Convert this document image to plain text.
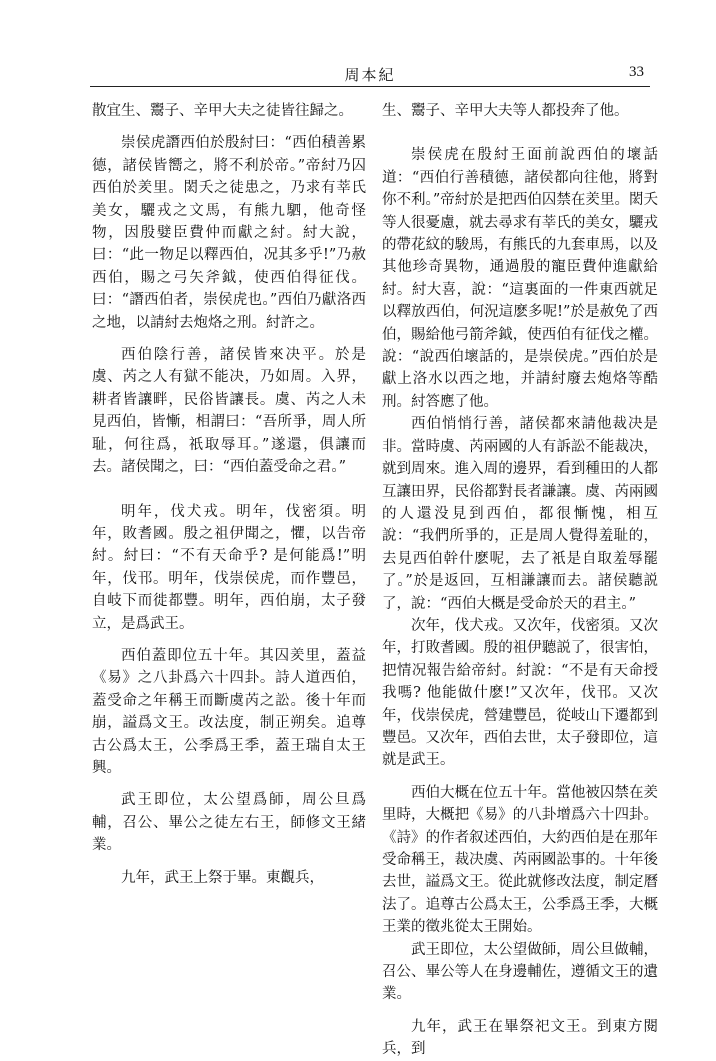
周本紀	33

散宜生、鬻子、辛甲大夫之徒皆往歸之。

崇侯虎譖西伯於殷紂曰：“西伯積善累德，諸侯皆嚮之，將不利於帝。”帝紂乃囚西伯於羑里。閎夭之徒患之，乃求有莘氏美女，驪戎之文馬，有熊九駟，他奇怪物，因殷嬖臣費仲而獻之紂。紂大說，曰：“此一物足以釋西伯，况其多乎!”乃赦西伯，賜之弓矢斧鉞，使西伯得征伐。曰：“譖西伯者，崇侯虎也。”西伯乃獻洛西之地，以請紂去炮烙之刑。紂許之。

西伯陰行善，諸侯皆來决平。於是虞、芮之人有獄不能决，乃如周。入界，耕者皆讓畔，民俗皆讓長。虞、芮之人未見西伯，皆慚，相謂曰：“吾所爭，周人所耻，何往爲，祇取辱耳。”遂還，俱讓而去。諸侯聞之，曰：“西伯蓋受命之君。”

明年，伐犬戎。明年，伐密須。明年，敗耆國。殷之祖伊聞之，懼，以告帝紂。紂曰：“不有天命乎? 是何能爲!”明年，伐邗。明年，伐崇侯虎，而作豐邑，自岐下而徙都豐。明年，西伯崩，太子發立，是爲武王。

西伯蓋即位五十年。其囚羑里，蓋益《易》之八卦爲六十四卦。詩人道西伯，蓋受命之年稱王而斷虞芮之訟。後十年而崩，謚爲文王。改法度，制正朔矣。追尊古公爲太王，公季爲王季，蓋王瑞自太王興。

武王即位，太公望爲師，周公旦爲輔，召公、畢公之徒左右王，師修文王緒業。

九年，武王上祭于畢。東觀兵，

生、鬻子、辛甲大夫等人都投奔了他。

崇侯虎在殷紂王面前說西伯的壞話道：“西伯行善積德，諸侯都向往他，將對你不利。”帝紂於是把西伯囚禁在羑里。閎夭等人很憂慮，就去尋求有莘氏的美女，驪戎的帶花紋的駿馬，有熊氏的九套車馬，以及其他珍奇異物，通過殷的寵臣費仲進獻給紂。紂大喜，說：“這裏面的一件東西就足以釋放西伯，何況這麽多呢!”於是赦免了西伯，賜給他弓箭斧鉞，使西伯有征伐之權。說：“說西伯壞話的，是崇侯虎。”西伯於是獻上洛水以西之地，并請紂廢去炮烙等酷刑。紂答應了他。

西伯悄悄行善，諸侯都來請他裁决是非。當時虞、芮兩國的人有訴訟不能裁决，就到周來。進入周的邊界，看到種田的人都互讓田界，民俗都對長者謙讓。虞、芮兩國的人還没見到西伯，都很慚愧，相互說：“我們所爭的，正是周人覺得羞耻的，去見西伯幹什麽呢，去了衹是自取羞辱罷了。”於是返回，互相謙讓而去。諸侯聽説了，說：“西伯大概是受命於天的君主。”

次年，伐犬戎。又次年，伐密須。又次年，打敗耆國。殷的祖伊聽説了，很害怕，把情况報告給帝紂。紂說：“不是有天命授我嗎? 他能做什麽!”又次年，伐邗。又次年，伐崇侯虎，營建豐邑，從岐山下遷都到豐邑。又次年，西伯去世，太子發即位，這就是武王。

西伯大概在位五十年。當他被囚禁在羑里時，大概把《易》的八卦增爲六十四卦。《詩》的作者叙述西伯，大約西伯是在那年受命稱王，裁决虞、芮兩國訟事的。十年後去世，謚爲文王。從此就修改法度，制定曆法了。追尊古公爲太王，公季爲王季，大概王業的徵兆從太王開始。

武王即位，太公望做師，周公旦做輔，召公、畢公等人在身邊輔佐，遵循文王的遺業。

九年，武王在畢祭祀文王。到東方閱兵，到
